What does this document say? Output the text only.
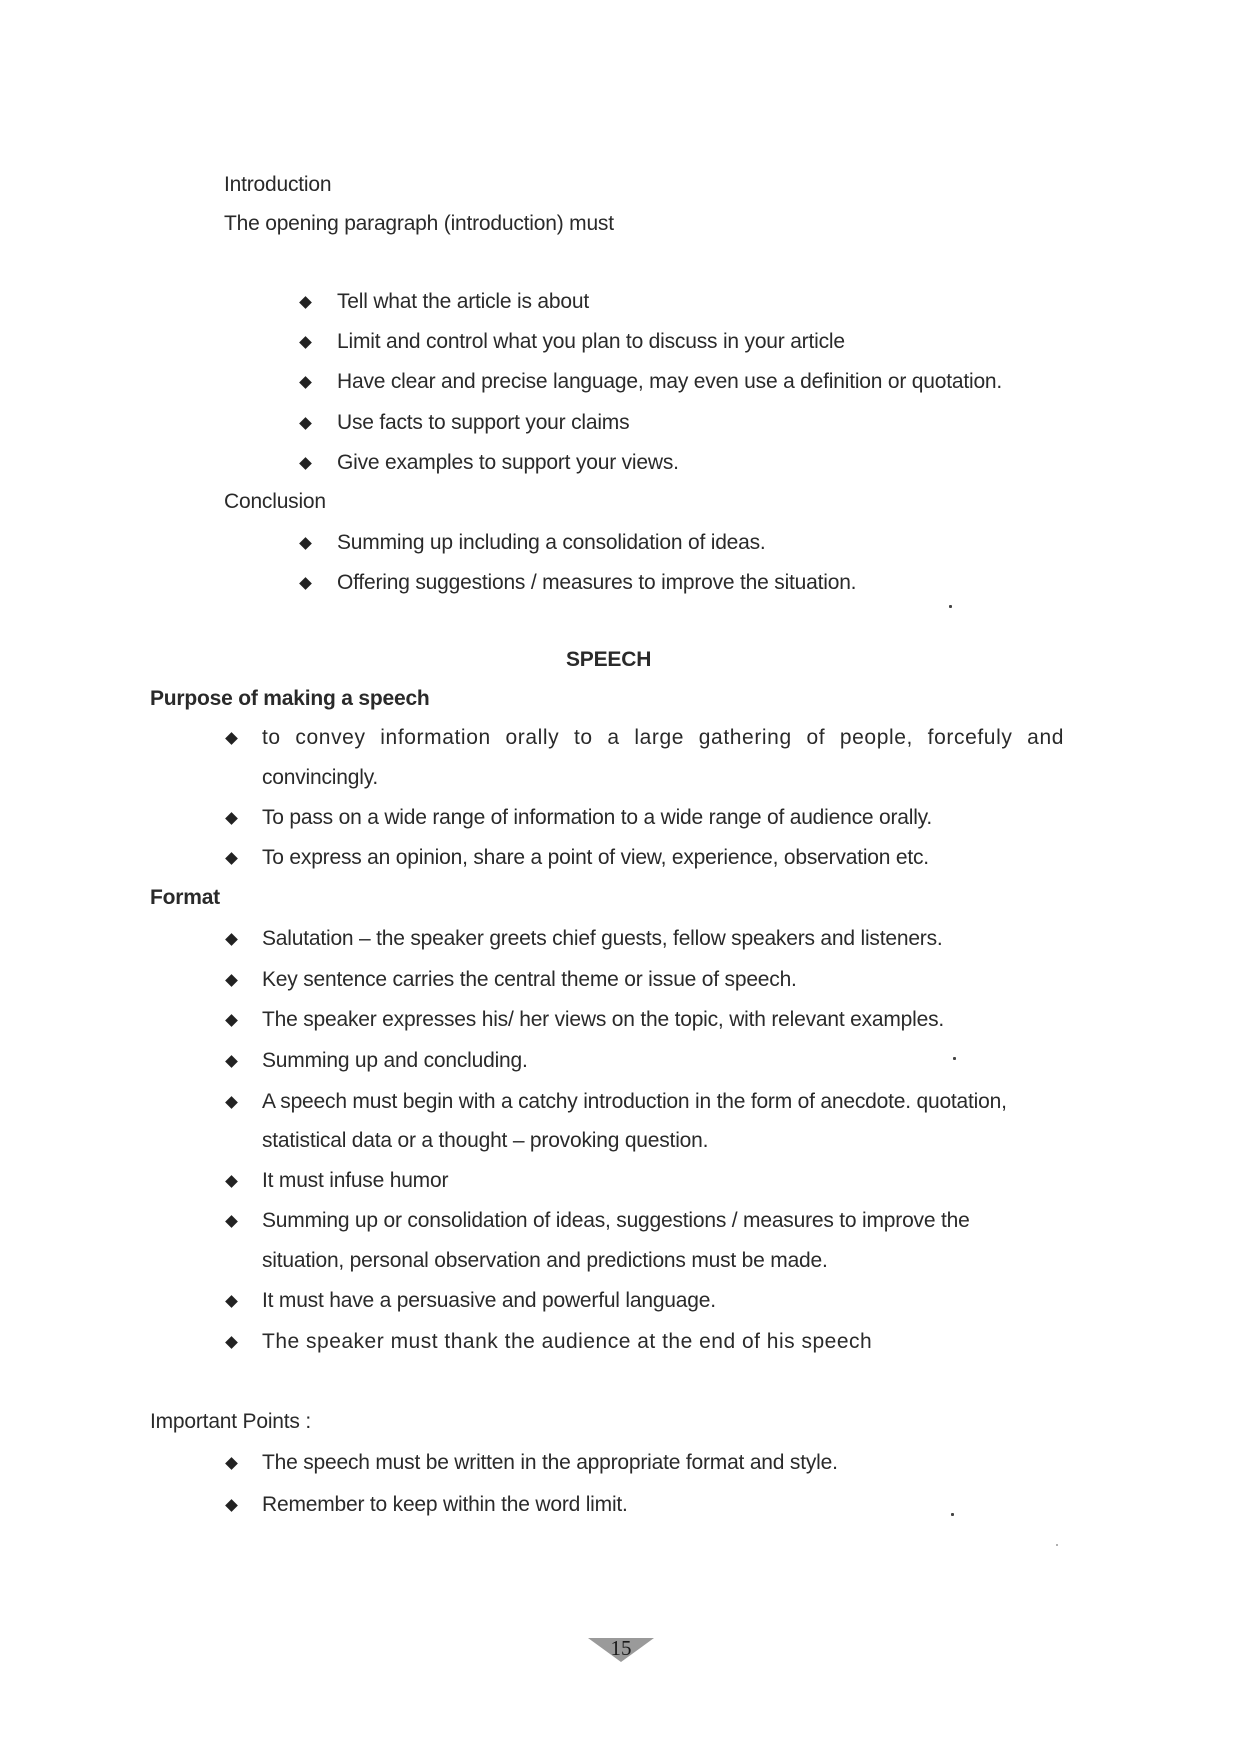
Introduction
The opening paragraph (introduction) must
Tell what the article is about
Limit and control what you plan to discuss in your article
Have clear and precise language, may even use a definition or quotation.
Use facts to support your claims
Give examples to support your views.
Conclusion
Summing up including a consolidation of ideas.
Offering suggestions / measures to improve the situation.
SPEECH
Purpose of making a speech
to convey information orally to a large gathering of people, forcefuly and
convincingly.
To pass on a wide range of information to a wide range of audience orally.
To express an opinion, share a point of view, experience, observation etc.
Format
Salutation – the speaker greets chief guests, fellow speakers and listeners.
Key sentence carries the central theme or issue of speech.
The speaker expresses his/ her views on the topic, with relevant examples.
Summing up and concluding.
A speech must begin with a catchy introduction in the form of anecdote. quotation,
statistical data or a thought – provoking question.
It must infuse humor
Summing up or consolidation of ideas, suggestions / measures to improve the
situation, personal observation and predictions must be made.
It must have a persuasive and powerful language.
The speaker must thank the audience at the end of his speech
Important Points :
The speech must be written in the appropriate format and style.
Remember to keep within the word limit.
15
